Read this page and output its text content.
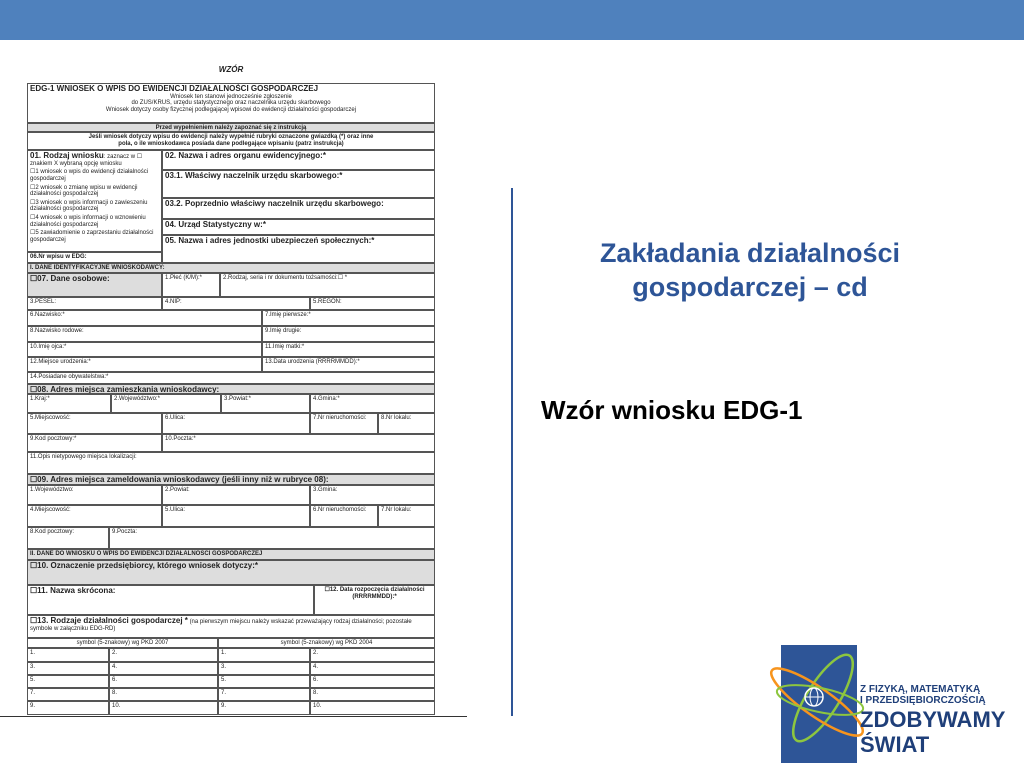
WZÓR
EDG-1 WNIOSEK O WPIS DO EWIDENCJI DZIAŁALNOŚCI GOSPODARCZEJ
Wniosek ten stanowi jednocześnie zgłoszenie
do ZUS/KRUS, urzędu statystycznego oraz naczelnika urzędu skarbowego
Wniosek dotyczy osoby fizycznej podlegającej wpisowi do ewidencji działalności gospodarczej
Przed wypełnieniem należy zapoznać się z instrukcją
Jeśli wniosek dotyczy wpisu do ewidencji należy wypełnić rubryki oznaczone gwiazdką (*) oraz inne
pola, o ile wnioskodawca posiada dane podlegające wpisaniu (patrz instrukcja)
01. Rodzaj wniosku: zaznacz w ☐ znakiem X wybraną opcję wniosku
☐1 wniosek o wpis do ewidencji działalności gospodarczej
☐2 wniosek o zmianę wpisu w ewidencji działalności gospodarczej
☐3 wniosek o wpis informacji o zawieszeniu działalności gospodarczej
☐4 wniosek o wpis informacji o wznowieniu działalności gospodarczej
☐5 zawiadomienie o zaprzestaniu działalności gospodarczej
06.Nr wpisu w EDG:
02. Nazwa i adres organu ewidencyjnego:*
03.1. Właściwy naczelnik urzędu skarbowego:*
03.2. Poprzednio właściwy naczelnik urzędu skarbowego:
04. Urząd Statystyczny w:*
05. Nazwa i adres jednostki ubezpieczeń społecznych:*
I. DANE IDENTYFIKACYJNE WNIOSKODAWCY:
☐07. Dane osobowe:	1.Płeć (K/M):*	2.Rodzaj, seria i nr dokumentu tożsamości:☐ *
3.PESEL:	4.NIP:	5.REGON:
6.Nazwisko:*	7.Imię pierwsze:*
8.Nazwisko rodowe:	9.Imię drugie:
10.Imię ojca:*	11.Imię matki:*
12.Miejsce urodzenia:*	13.Data urodzenia (RRRRMMDD):*
14.Posiadane obywatelstwa:*
☐08. Adres miejsca zamieszkania wnioskodawcy:
1.Kraj:*	2.Województwo:*	3.Powiat:*	4.Gmina:*
5.Miejscowość:	6.Ulica:	7.Nr nieruchomości:	8.Nr lokalu:
9.Kod pocztowy:*	10.Poczta:*
11.Opis nietypowego miejsca lokalizacji:
☐09. Adres miejsca zameldowania wnioskodawcy (jeśli inny niż w rubryce 08):
1.Województwo:	2.Powiat:	3.Gmina:
4.Miejscowość:	5.Ulica:	6.Nr nieruchomości:	7.Nr lokalu:
8.Kod pocztowy:	9.Poczta:
II. DANE DO WNIOSKU O WPIS DO EWIDENCJI DZIAŁALNOŚCI GOSPODARCZEJ
☐10. Oznaczenie przedsiębiorcy, którego wniosek dotyczy:*
☐11. Nazwa skrócona:	☐12. Data rozpoczęcia działalności (RRRRMMDD):*
☐13. Rodzaje działalności gospodarczej * (na pierwszym miejscu należy wskazać przeważający rodzaj działalności; pozostałe symbole w załączniku EDG-RD)
symbol (5-znakowy) wg PKD 2007	symbol (5-znakowy) wg PKD 2004
1.	2.	1.	2.
3.	4.	3.	4.
5.	6.	5.	6.
7.	8.	7.	8.
9.	10.	9.	10.
Zakładania działalności
gospodarczej – cd
Wzór wniosku EDG-1
Z FIZYKĄ, MATEMATYKĄ
I PRZEDSIĘBIORCZOŚCIĄ
ZDOBYWAMY
ŚWIAT
